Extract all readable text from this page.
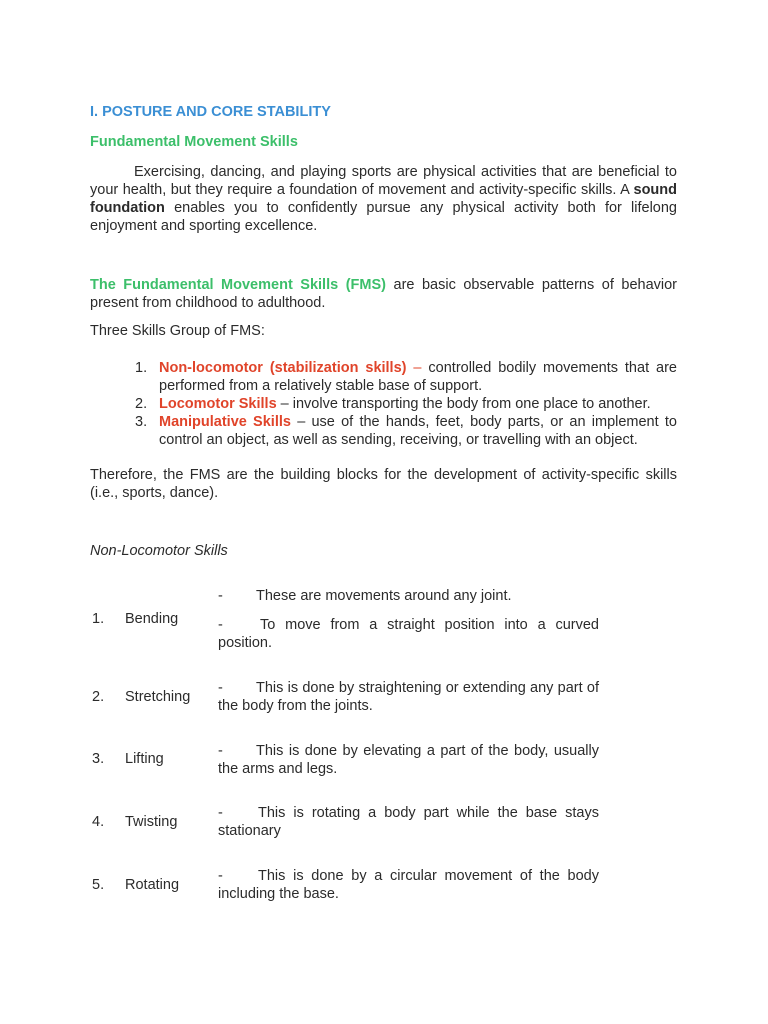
I. POSTURE AND CORE STABILITY

Fundamental Movement Skills

Exercising, dancing, and playing sports are physical activities that are beneficial to your health, but they require a foundation of movement and activity-specific skills. A sound foundation enables you to confidently pursue any physical activity both for lifelong enjoyment and sporting excellence.

The Fundamental Movement Skills (FMS) are basic observable patterns of behavior present from childhood to adulthood.

Three Skills Group of FMS:

1. Non-locomotor (stabilization skills) – controlled bodily movements that are performed from a relatively stable base of support.
2. Locomotor Skills – involve transporting the body from one place to another.
3. Manipulative Skills – use of the hands, feet, body parts, or an implement to control an object, as well as sending, receiving, or travelling with an object.

Therefore, the FMS are the building blocks for the development of activity-specific skills (i.e., sports, dance).

Non-Locomotor Skills

1. Bending
- These are movements around any joint.
-	To move from a straight position into a curved position.
2. Stretching
- This is done by straightening or extending any part of the body from the joints.
3. Lifting	- This is done by elevating a part of the body, usually the arms and legs.
4. Twisting
- This is rotating a body part while the base stays stationary
5. Rotating
- This is done by a circular movement of the body including the base.
